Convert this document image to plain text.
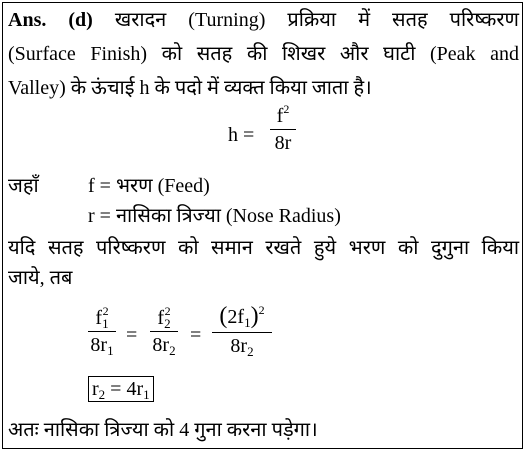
Ans. (d) खरादन (Turning) प्रक्रिया में सतह परिष्करण
(Surface Finish) को सतह की शिखर और घाटी (Peak and
Valley) के ऊंचाई h के पदो में व्यक्त किया जाता है।
h =
$f^2$
8r
जहाँ f = भरण (Feed)
r = नासिका त्रिज्या (Nose Radius)
यदि सतह परिष्करण को समान रखते हुये भरण को दुगुना किया
जाये, तब
$f_1^2$
$8r_1$
=
$f_2^2$
$8r_2$
=
$(2f_1)^2$
$8r_2$
$r_2 = 4r_1$
अतः नासिका त्रिज्या को 4 गुना करना पड़ेगा।
